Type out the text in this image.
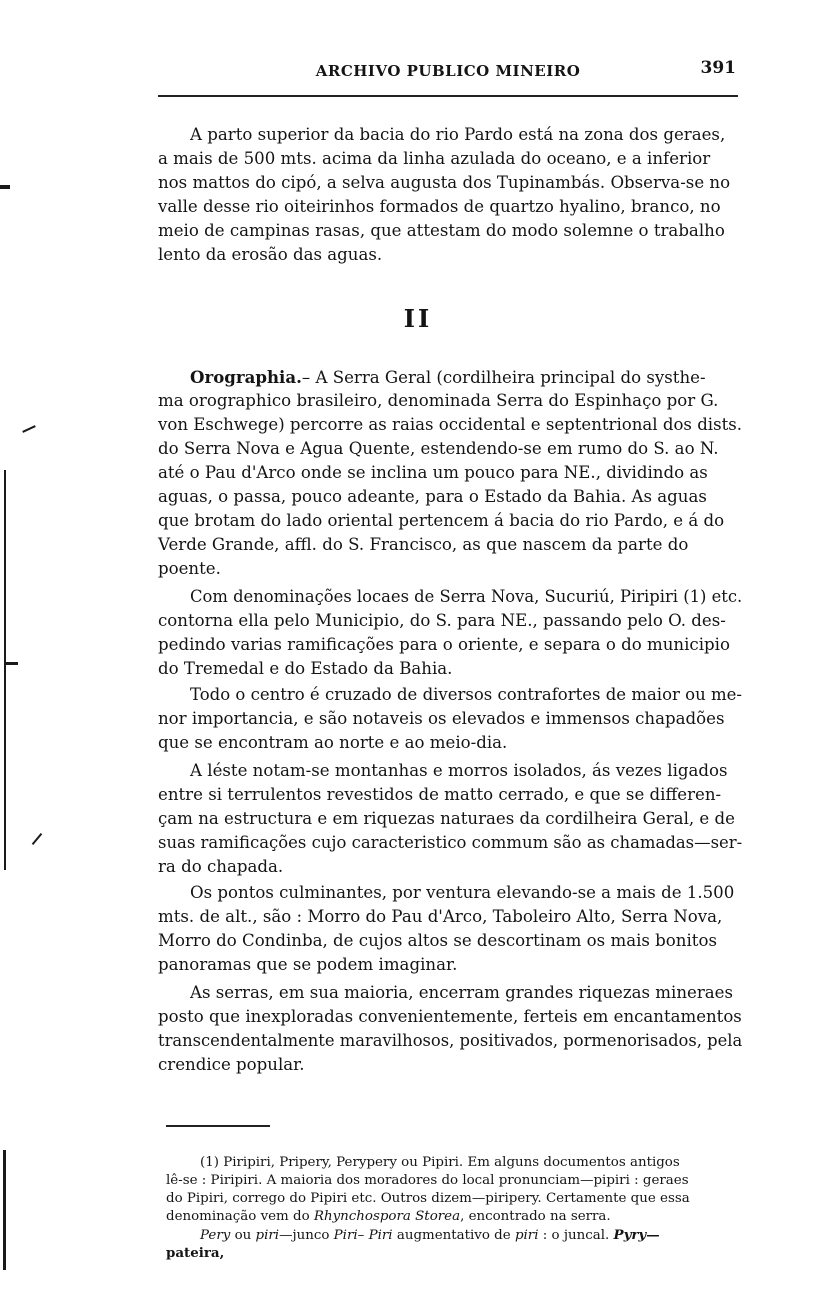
ARCHIVO PUBLICO MINEIRO	391
A parto superior da bacia do rio Pardo está na zona dos geraes,
a mais de 500 mts. acima da linha azulada do oceano, e a inferior
nos mattos do cipó, a selva augusta dos Tupinambás. Observa-se no
valle desse rio oiteirinhos formados de quartzo hyalino, branco, no
meio de campinas rasas, que attestam do modo solemne o trabalho
lento da erosão das aguas.
II
Orographia.– A Serra Geral (cordilheira principal do systhe-
ma orographico brasileiro, denominada Serra do Espinhaço por G.
von Eschwege) percorre as raias occidental e septentrional dos dists.
do Serra Nova e Agua Quente, estendendo-se em rumo do S. ao N.
até o Pau d'Arco onde se inclina um pouco para NE., dividindo as
aguas, o passa, pouco adeante, para o Estado da Bahia. As aguas
que brotam do lado oriental pertencem á bacia do rio Pardo, e á do
Verde Grande, affl. do S. Francisco, as que nascem da parte do
poente.
Com denominações locaes de Serra Nova, Sucuriú, Piripiri (1) etc.
contorna ella pelo Municipio, do S. para NE., passando pelo O. des-
pedindo varias ramificações para o oriente, e separa o do municipio
do Tremedal e do Estado da Bahia.
Todo o centro é cruzado de diversos contrafortes de maior ou me-
nor importancia, e são notaveis os elevados e immensos chapadões
que se encontram ao norte e ao meio-dia.
A léste notam-se montanhas e morros isolados, ás vezes ligados
entre si terrulentos revestidos de matto cerrado, e que se differen-
çam na estructura e em riquezas naturaes da cordilheira Geral, e de
suas ramificações cujo caracteristico commum são as chamadas—ser-
ra do chapada.
Os pontos culminantes, por ventura elevando-se a mais de 1.500
mts. de alt., são : Morro do Pau d'Arco, Taboleiro Alto, Serra Nova,
Morro do Condinba, de cujos altos se descortinam os mais bonitos
panoramas que se podem imaginar.
As serras, em sua maioria, encerram grandes riquezas mineraes
posto que inexploradas convenientemente, ferteis em encantamentos
transcendentalmente maravilhosos, positivados, pormenorisados, pela
crendice popular.
(1) Piripiri, Pripery, Perypery ou Pipiri. Em alguns documentos antigos
lê-se : Piripiri. A maioria dos moradores do local pronunciam—pipiri : geraes
do Pipiri, corrego do Pipiri etc. Outros dizem—piripery. Certamente que essa
denominação vem do Rhynchospora Storea, encontrado na serra.
Pery ou piri—junco Piri– Piri augmentativo de piri : o juncal. Pyry—
pateira,
